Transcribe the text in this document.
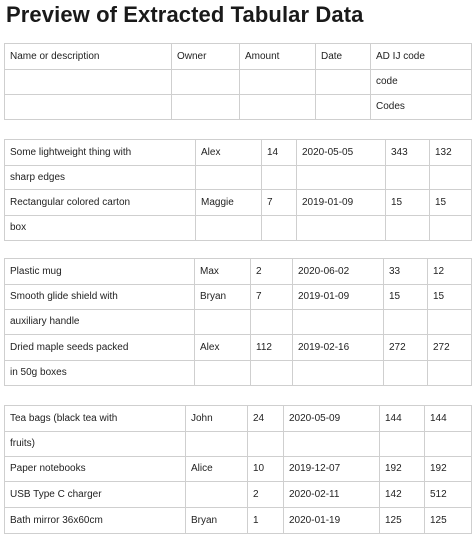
Preview of Extracted Tabular Data
Name or description	Owner	Amount	Date	AD IJ code
				code
				Codes
Some lightweight thing with	Alex	14	2020-05-05	343	132
sharp edges					
Rectangular colored carton	Maggie	7	2019-01-09	15	15
box					
Plastic mug	Max	2	2020-06-02	33	12
Smooth glide shield with	Bryan	7	2019-01-09	15	15
auxiliary handle					
Dried maple seeds packed	Alex	112	2019-02-16	272	272
in 50g boxes					
Tea bags (black tea with	John	24	2020-05-09	144	144
fruits)					
Paper notebooks	Alice	10	2019-12-07	192	192
USB Type C charger		2	2020-02-11	142	512
Bath mirror 36x60cm	Bryan	1	2020-01-19	125	125
